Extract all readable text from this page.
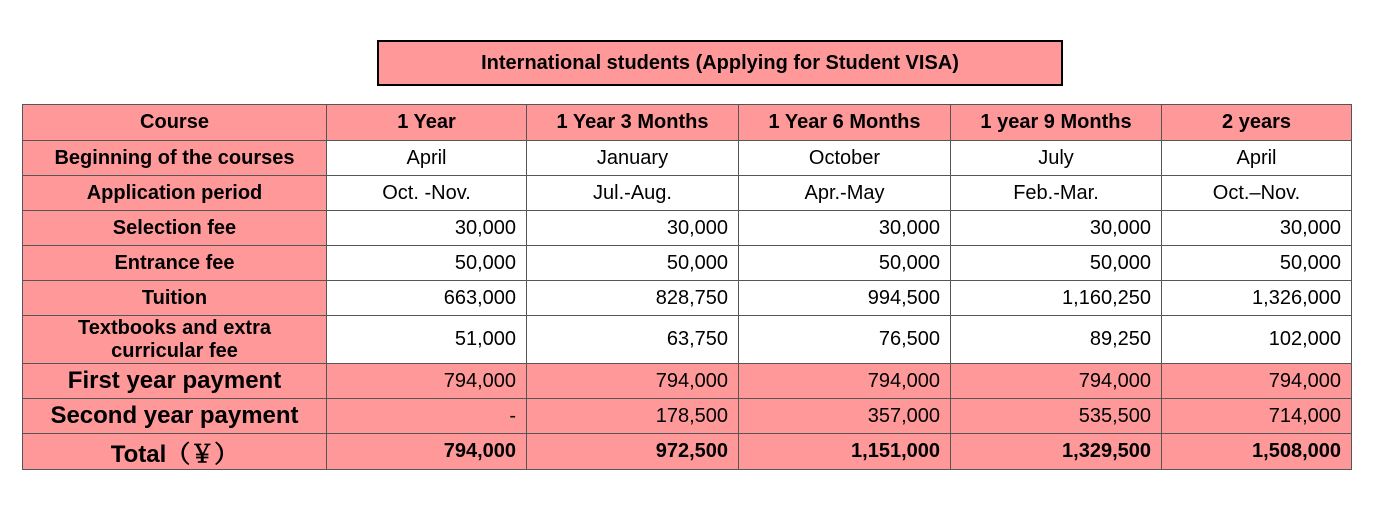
International students (Applying for Student VISA)
Course	1 Year	1 Year 3 Months	1 Year 6 Months	1 year 9 Months	2 years
Beginning of the courses	April	January	October	July	April
Application period	Oct. -Nov.	Jul.-Aug.	Apr.-May	Feb.-Mar.	Oct.–Nov.
Selection fee	30,000	30,000	30,000	30,000	30,000
Entrance fee	50,000	50,000	50,000	50,000	50,000
Tuition	663,000	828,750	994,500	1,160,250	1,326,000
Textbooks and extra curricular fee	51,000	63,750	76,500	89,250	102,000
First year payment	794,000	794,000	794,000	794,000	794,000
Second year payment	-	178,500	357,000	535,500	714,000
Total（￥）	794,000	972,500	1,151,000	1,329,500	1,508,000
